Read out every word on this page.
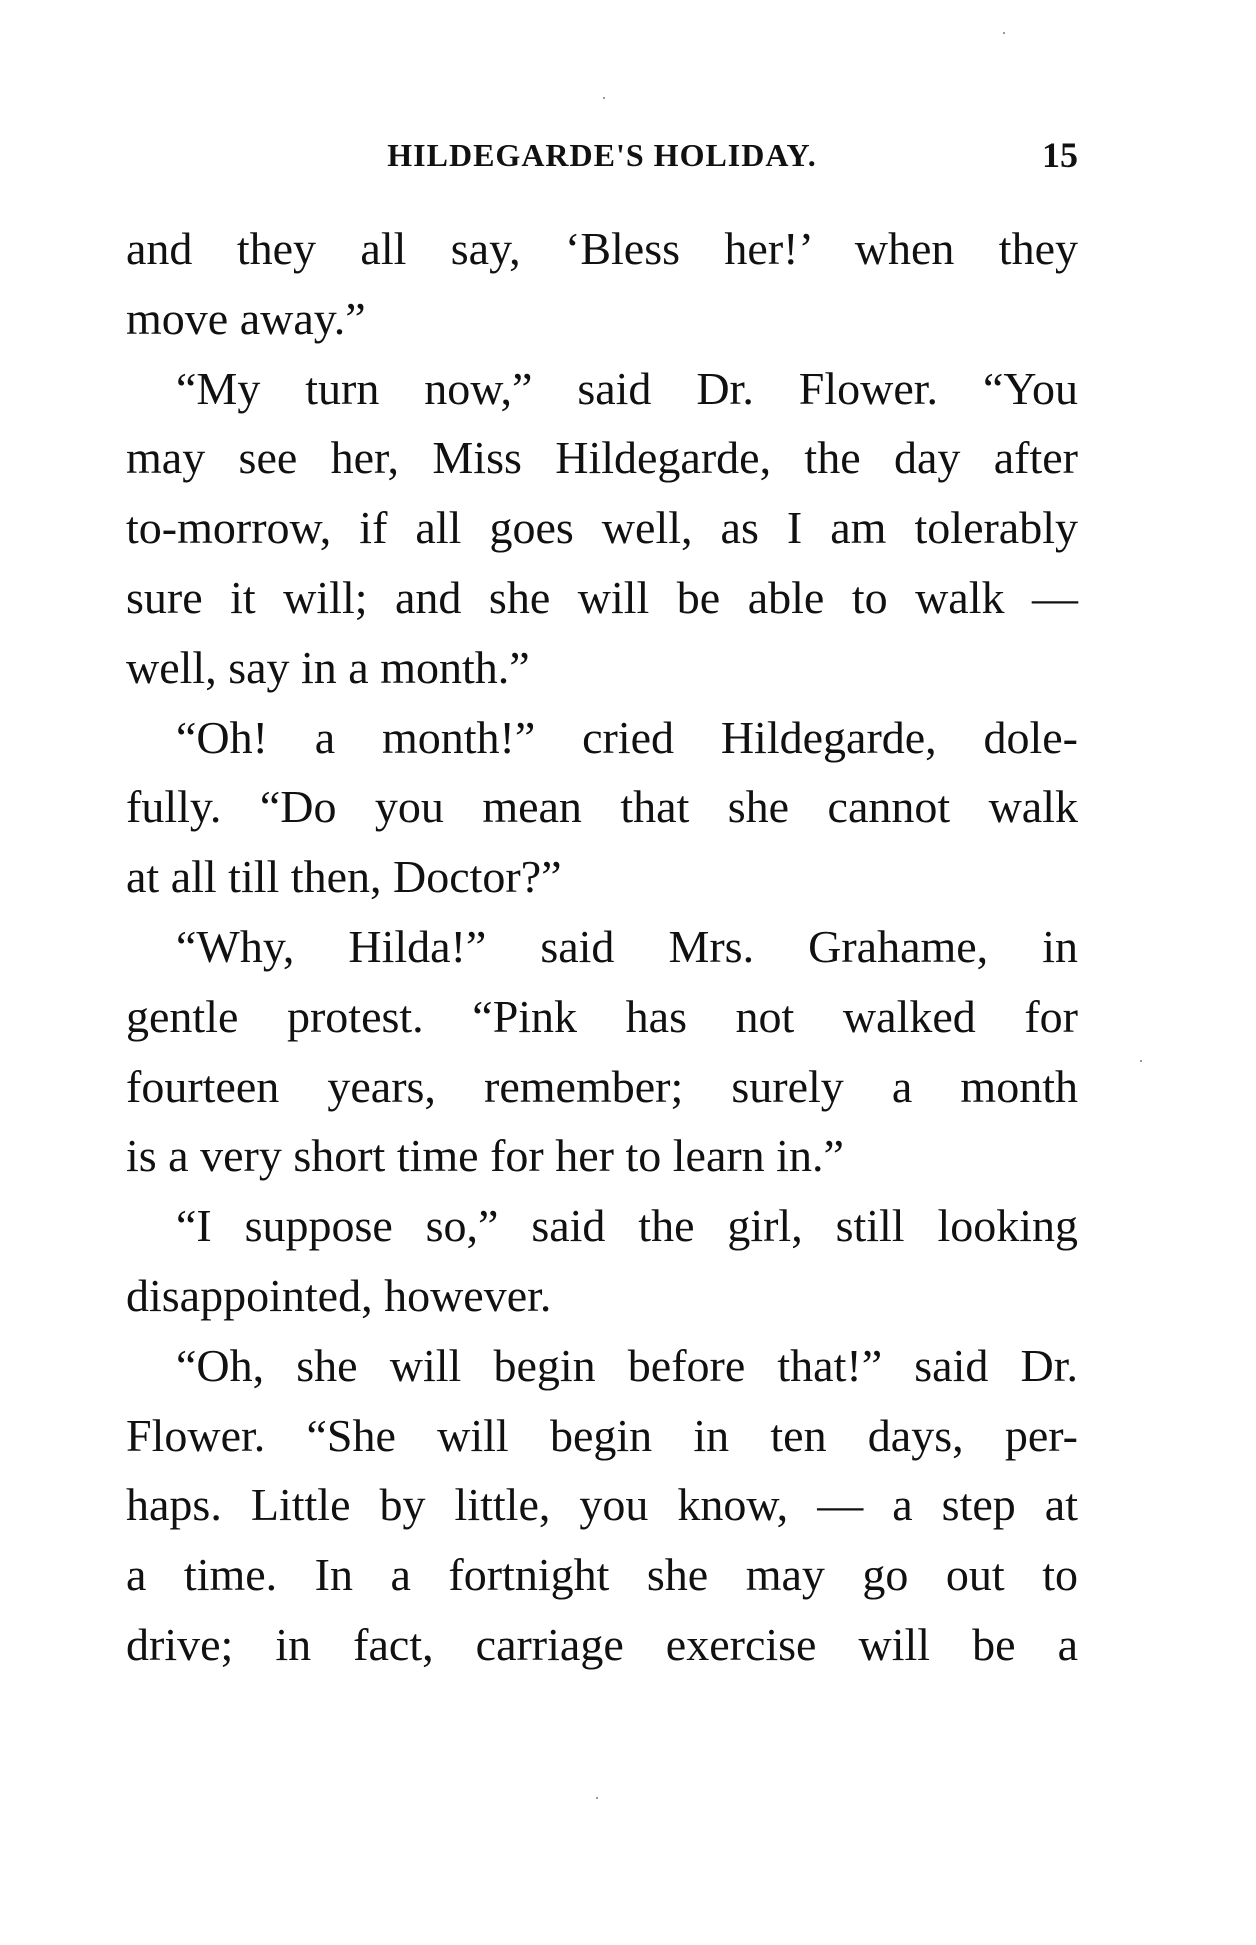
HILDEGARDE'S HOLIDAY.	15
and they all say, ‘Bless her!’ when they
move away.”
“My turn now,” said Dr. Flower. “You
may see her, Miss Hildegarde, the day after
to-morrow, if all goes well, as I am tolerably
sure it will; and she will be able to walk —
well, say in a month.”
“Oh! a month!” cried Hildegarde, dole-
fully. “Do you mean that she cannot walk
at all till then, Doctor?”
“Why, Hilda!” said Mrs. Grahame, in
gentle protest. “Pink has not walked for
fourteen years, remember; surely a month
is a very short time for her to learn in.”
“I suppose so,” said the girl, still looking
disappointed, however.
“Oh, she will begin before that!” said Dr.
Flower. “She will begin in ten days, per-
haps. Little by little, you know, — a step at
a time. In a fortnight she may go out to
drive; in fact, carriage exercise will be a
